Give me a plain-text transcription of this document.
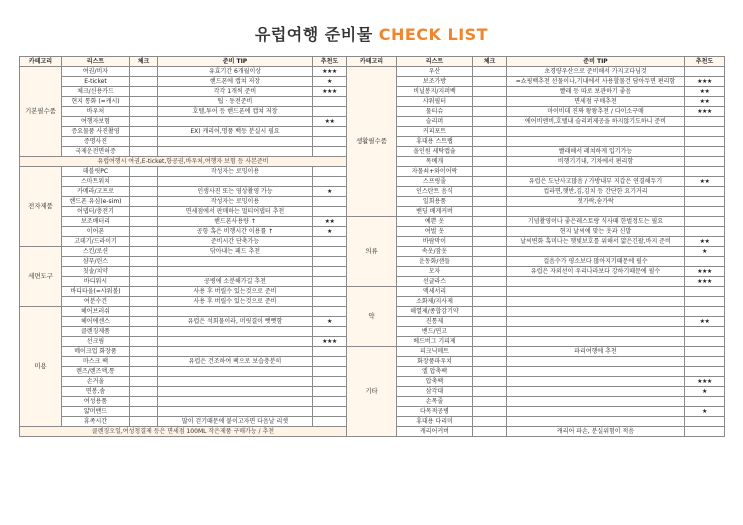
유럽여행 준비물 CHECK LIST
카테고리	리스트	체크	준비 TIP	추천도
기본필수품	여권/비자		유효기간 6개월이상	★★★
	E-ticket		핸드폰에 캡쳐 저장	★
	체크/신용카드		각각 1개씩 준비	★★★
	현지 통화 (=캐시)		팁 · 동전준비	
	바우처		호텔,투어 등 핸드폰에 캡쳐 저장	
	여행자보험			★★
	증요물품 사진촬영		EX) 캐리어,명품 백등 분실시 필요	
	증명사진			
	국제운전면허증			
유럽여행시 여권,E-ticket,항공권,바우처,여행자 보험 등 사본준비				
전자제품	데블릿PC		작성자는 로밍이용	
	스마트워치			
	카메라/고프로		인생사진 또는 영상촬영 가능	★
	핸드폰 유심(e-sim)		작성자는 로밍이용	
	어댑터/충전기		면세점에서 판매하는 멀티어댑터 추천	
	보조배터리		핸드폰사용량 ↑	★★
	이어폰		공항 혹은 비행시간 이용률 ↑	★
	고데기/드라이기		준비시간 단축가능	
세면도구	스킨/로션		닦아내는 패드 추천	
	샴푸/린스			
	칫솔/치약			
	바디워시		공병에 소분해가길 추천	
	바디타올(=샤워볼)		사용 후 버릴수 있는것으로 준비	
	여분수건		사용 후 버릴수 있는것으로 준비	
미용	헤어브러쉬			
	헤어에센스		유럽은 석회물이라, 머릿결이 뻣뻣함	★
	클렌징제품			
	선크림			★★★
	메이크업 화장품			
	마스크 팩		유럽은 건조하여 팩으로 보습충분히	
	렌즈/렌즈액,통			
	손거울			
	면봉,솜			
	여성용품			
	얇머밴드			
	휴족시간		많이 걷기때문에 붙이고자면 다음날 리셋	
클렌징오일,여성청결제 등은 면세점 100ML 작은제품 구매가능 / 추천				
카테고리	리스트	체크	준비 TIP	추천도
생활필수품	우산		초경량우산으로 준비해서 가지고다님것	
	보조가방		=쇼핑백추천 선물이나,기내에서 사용할물건 담아두면 편리함	★★★
	비닐봉지/지퍼백		빨래 등 따로 보관하기 좋음	★★
	샤워필터		면세점 구매추천	★★
	물티슈		마이비데 진짜 왕왕추천 / 다이소구매	★★★
	슬리퍼		에어비앤비,호텔내 슬리퍼제공을 하지않기도하니 준비	
	커피포트			
	휴대용 스트랩			
	올인원 세탁캡슐		빨래해서 레쳐하게 입기가능	
	목베개		비행기기내, 기차에서 편리함	
	자물쇠+와이어락			
	스프링줄		유럽은 도난사고많음 / 가방내부 지갑은 연결해두기	★★
	인스탄트 음식		컵라면,햇반,김,김치 등 간단한 요기거리	
	일회용품		젓가락,숟가락	
	밴딩 배게커버			
의류	예쁜 옷		기념촬영이나 좋은레스토랑 식사때 한벌정도는 필요	
	여벌 옷		현지 날씨에 맞는 옷과 신발	
	바람막이		날씨변화 혹미나는 햇빛보호를 위해서 얇은긴팔,바지 준비	★★
	속옷/잠옷			★
	운동화/샌들		걸음수가 평소보다 많아지기때문에 필수	
	모자		유럽은 자외선이 우리나라보다 강하기때문에 필수	★★★
	선글라스			★★★
약	액세서리			
	소화제/지사제			
	해열제/종합감기약			
	진통제			★★
	밴드/연고			
	베드버그 기피제			
기타	피크닉매트		파리여행에 추천	
	화장품파우치			
	엘 압축팩			
	압축팩			★★★
	삼각대			★
	손목줄			
	다목적공병			★
	휴대용 다리미			
	캐리어커버		캐리어 파손, 분실위험이 적음	
